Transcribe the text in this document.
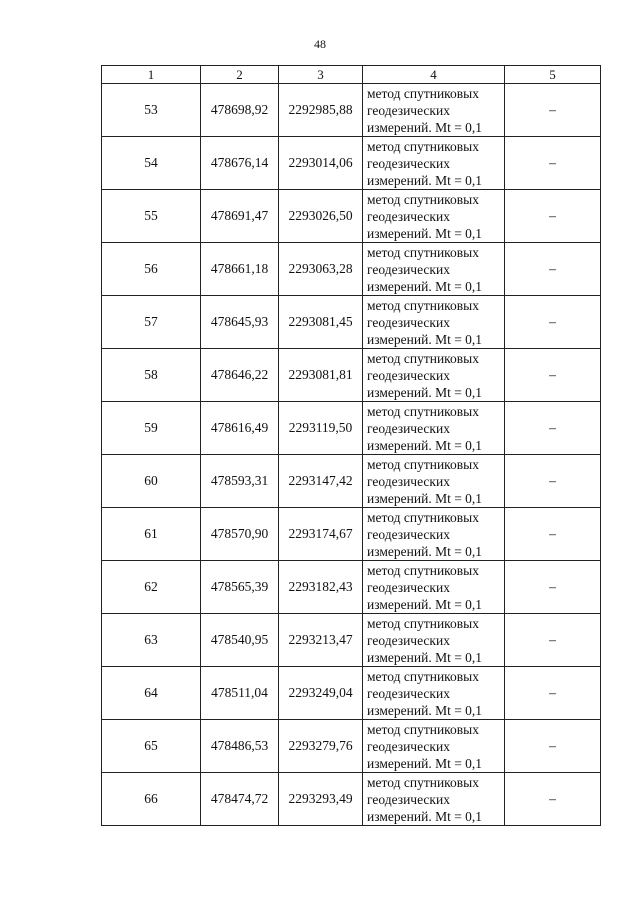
48
1	2	3	4	5
53	478698,92	2292985,88	метод спутниковых
геодезических
измерений. Mt = 0,1	–
54	478676,14	2293014,06	метод спутниковых
геодезических
измерений. Mt = 0,1	–
55	478691,47	2293026,50	метод спутниковых
геодезических
измерений. Mt = 0,1	–
56	478661,18	2293063,28	метод спутниковых
геодезических
измерений. Mt = 0,1	–
57	478645,93	2293081,45	метод спутниковых
геодезических
измерений. Mt = 0,1	–
58	478646,22	2293081,81	метод спутниковых
геодезических
измерений. Mt = 0,1	–
59	478616,49	2293119,50	метод спутниковых
геодезических
измерений. Mt = 0,1	–
60	478593,31	2293147,42	метод спутниковых
геодезических
измерений. Mt = 0,1	–
61	478570,90	2293174,67	метод спутниковых
геодезических
измерений. Mt = 0,1	–
62	478565,39	2293182,43	метод спутниковых
геодезических
измерений. Mt = 0,1	–
63	478540,95	2293213,47	метод спутниковых
геодезических
измерений. Mt = 0,1	–
64	478511,04	2293249,04	метод спутниковых
геодезических
измерений. Mt = 0,1	–
65	478486,53	2293279,76	метод спутниковых
геодезических
измерений. Mt = 0,1	–
66	478474,72	2293293,49	метод спутниковых
геодезических
измерений. Mt = 0,1	–
